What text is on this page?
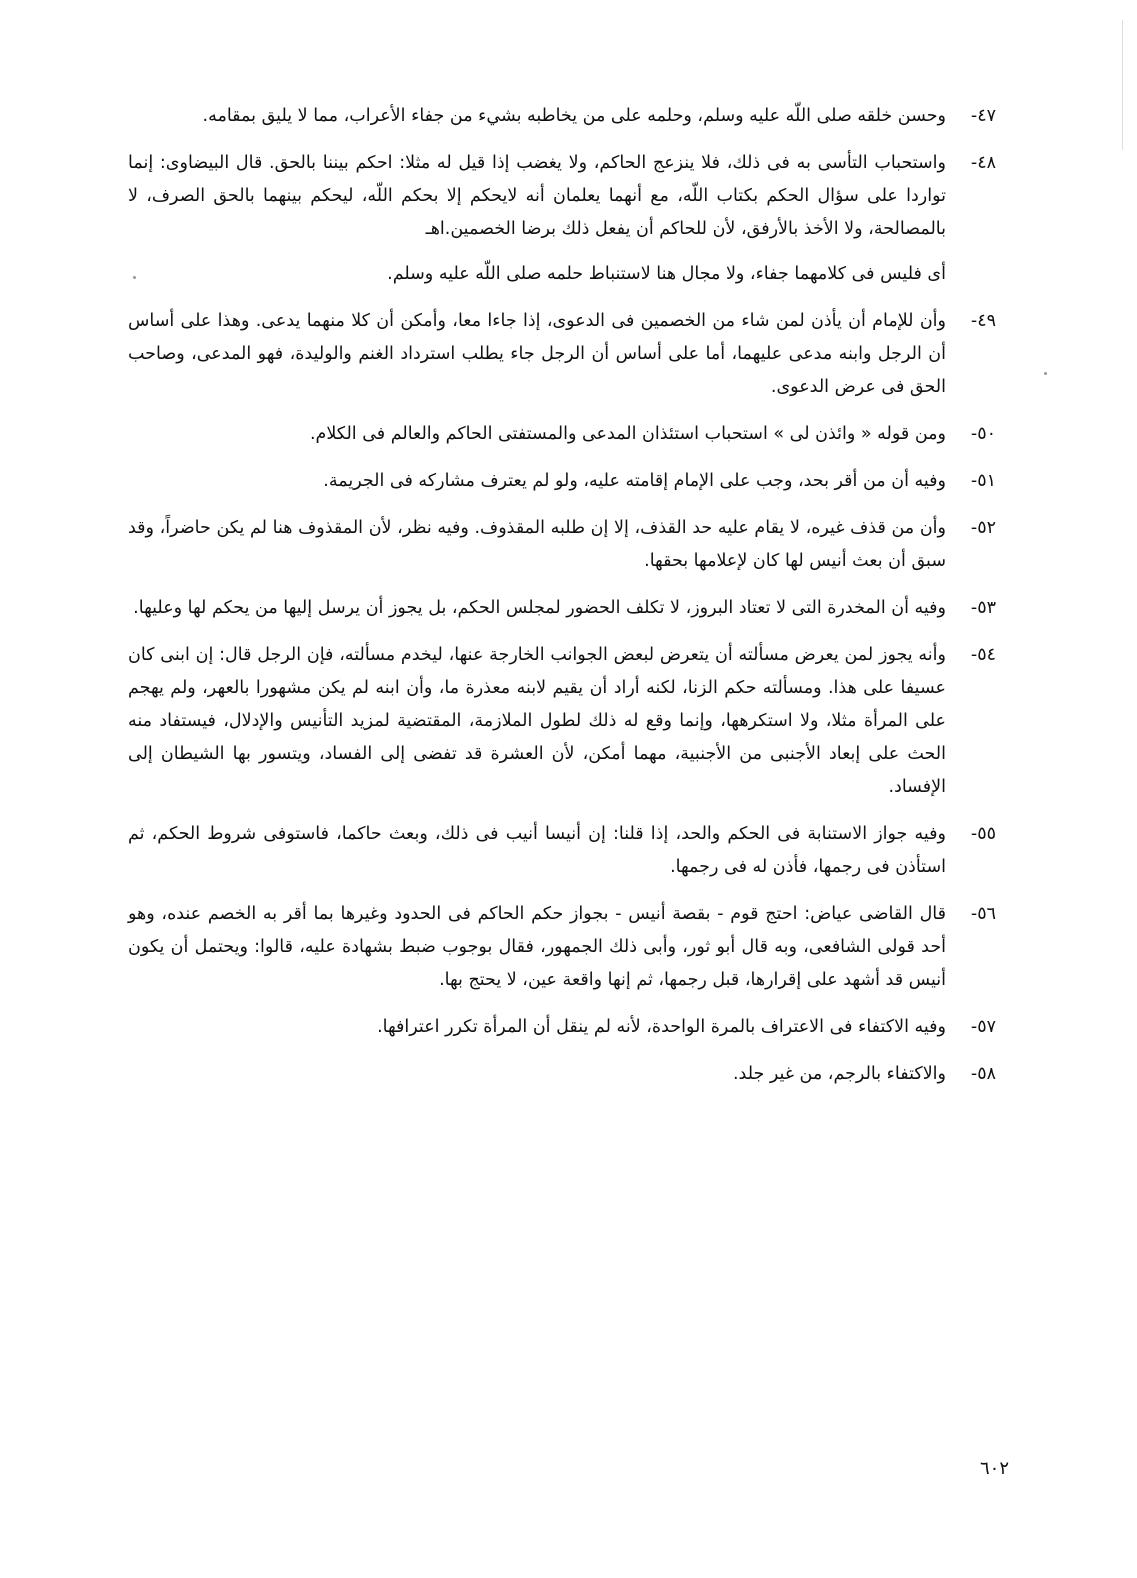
٤٧-
وحسن خلقه صلى اللّه عليه وسلم، وحلمه على من يخاطبه بشيء من جفاء الأعراب، مما لا يليق بمقامه.
٤٨-
واستحباب التأسى به فى ذلك، فلا ينزعج الحاكم، ولا يغضب إذا قيل له مثلا: احكم بيننا بالحق. قال البيضاوى: إنما تواردا على سؤال الحكم بكتاب اللّه، مع أنهما يعلمان أنه لايحكم إلا بحكم اللّه، ليحكم بينهما بالحق الصرف، لا بالمصالحة، ولا الأخذ بالأرفق، لأن للحاكم أن يفعل ذلك برضا الخصمين.اهـ
أى فليس فى كلامهما جفاء، ولا مجال هنا لاستنباط حلمه صلى اللّه عليه وسلم.
٤٩-
وأن للإمام أن يأذن لمن شاء من الخصمين فى الدعوى، إذا جاءا معا، وأمكن أن كلا منهما يدعى. وهذا على أساس أن الرجل وابنه مدعى عليهما، أما على أساس أن الرجل جاء يطلب استرداد الغنم والوليدة، فهو المدعى، وصاحب الحق فى عرض الدعوى.
٥٠-
ومن قوله « وائذن لى » استحباب استئذان المدعى والمستفتى الحاكم والعالم فى الكلام.
٥١-
وفيه أن من أقر بحد، وجب على الإمام إقامته عليه، ولو لم يعترف مشاركه فى الجريمة.
٥٢-
وأن من قذف غيره، لا يقام عليه حد القذف، إلا إن طلبه المقذوف. وفيه نظر، لأن المقذوف هنا لم يكن حاضراً، وقد سبق أن بعث أنيس لها كان لإعلامها بحقها.
٥٣-
وفيه أن المخدرة التى لا تعتاد البروز، لا تكلف الحضور لمجلس الحكم، بل يجوز أن يرسل إليها من يحكم لها وعليها.
٥٤-
وأنه يجوز لمن يعرض مسألته أن يتعرض لبعض الجوانب الخارجة عنها، ليخدم مسألته، فإن الرجل قال: إن ابنى كان عسيفا على هذا. ومسألته حكم الزنا، لكنه أراد أن يقيم لابنه معذرة ما، وأن ابنه لم يكن مشهورا بالعهر، ولم يهجم على المرأة مثلا، ولا استكرهها، وإنما وقع له ذلك لطول الملازمة، المقتضية لمزيد التأنيس والإدلال، فيستفاد منه الحث على إبعاد الأجنبى من الأجنبية، مهما أمكن، لأن العشرة قد تفضى إلى الفساد، ويتسور بها الشيطان إلى الإفساد.
٥٥-
وفيه جواز الاستنابة فى الحكم والحد، إذا قلنا: إن أنيسا أنيب فى ذلك، وبعث حاكما، فاستوفى شروط الحكم، ثم استأذن فى رجمها، فأذن له فى رجمها.
٥٦-
قال القاضى عياض: احتج قوم - بقصة أنيس - بجواز حكم الحاكم فى الحدود وغيرها بما أقر به الخصم عنده، وهو أحد قولى الشافعى، وبه قال أبو ثور، وأبى ذلك الجمهور، فقال بوجوب ضبط بشهادة عليه، قالوا: ويحتمل أن يكون أنيس قد أشهد على إقرارها، قبل رجمها، ثم إنها واقعة عين، لا يحتج بها.
٥٧-
وفيه الاكتفاء فى الاعتراف بالمرة الواحدة، لأنه لم ينقل أن المرأة تكرر اعترافها.
٥٨-
والاكتفاء بالرجم، من غير جلد.
٦٠٢
